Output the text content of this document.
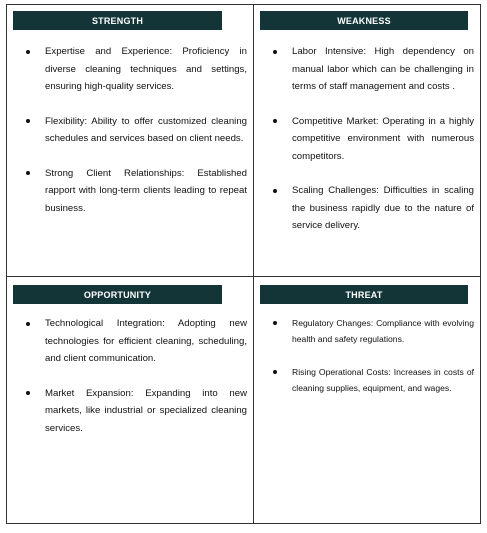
STRENGTH
Expertise and Experience: Proficiency in diverse cleaning techniques and settings, ensuring high-quality services.
Flexibility: Ability to offer customized cleaning schedules and services based on client needs.
Strong Client Relationships: Established rapport with long-term clients leading to repeat business.
WEAKNESS
Labor Intensive: High dependency on manual labor which can be challenging in terms of staff management and costs .
Competitive Market: Operating in a highly competitive environment with numerous competitors.
Scaling Challenges: Difficulties in scaling the business rapidly due to the nature of service delivery.
OPPORTUNITY
Technological Integration: Adopting new technologies for efficient cleaning, scheduling, and client communication.
Market Expansion: Expanding into new markets, like industrial or specialized cleaning services.
THREAT
Regulatory Changes: Compliance with evolving health and safety regulations.
Rising Operational Costs: Increases in costs of cleaning supplies, equipment, and wages.
